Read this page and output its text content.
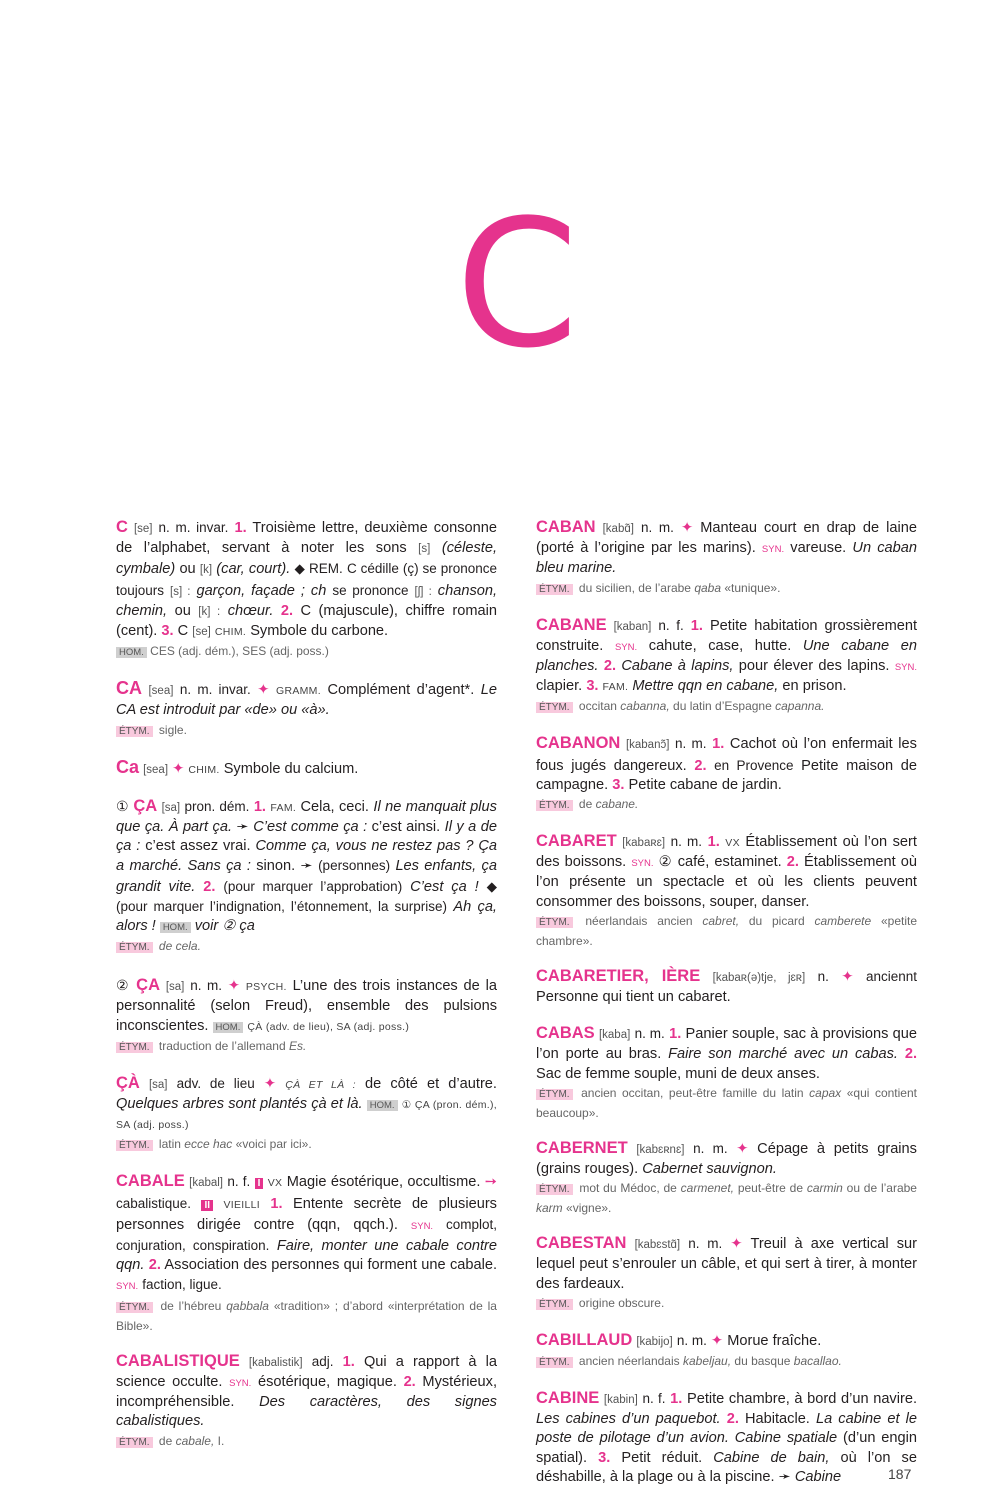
C
C [se] n. m. invar. 1. Troisième lettre, deuxième consonne de l’alphabet, servant à noter les sons [s] (céleste, cymbale) ou [k] (car, court). ◆ REM. C cédille (ç) se prononce toujours [s] : garçon, façade ; ch se prononce [ʃ] : chanson, chemin, ou [k] : chœur. 2. C (majuscule), chiffre romain (cent). 3. C [se] CHIM. Symbole du carbone.
HOM. CES (adj. dém.), SES (adj. poss.)
CA [sea] n. m. invar. ✦ GRAMM. Complément d’agent*. Le CA est introduit par «de» ou «à».
ÉTYM. sigle.
Ca [sea] ✦ CHIM. Symbole du calcium.
① ÇA [sa] pron. dém. 1. FAM. Cela, ceci. Il ne manquait plus que ça. À part ça. ➛ C’est comme ça : c’est ainsi. Il y a de ça : c’est assez vrai. Comme ça, vous ne restez pas ? Ça a marché. Sans ça : sinon. ➛ (personnes) Les enfants, ça grandit vite. 2. (pour marquer l’approbation) C’est ça ! ◆ (pour marquer l’indignation, l’étonnement, la surprise) Ah ça, alors ! HOM. voir ② ça
ÉTYM. de cela.
② ÇA [sa] n. m. ✦ PSYCH. L’une des trois instances de la personnalité (selon Freud), ensemble des pulsions inconscientes. HOM. ÇÀ (adv. de lieu), SA (adj. poss.)
ÉTYM. traduction de l’allemand Es.
ÇÀ [sa] adv. de lieu ✦ ÇÀ ET LÀ : de côté et d’autre. Quelques arbres sont plantés çà et là. HOM. ① ÇA (pron. dém.), SA (adj. poss.)
ÉTYM. latin ecce hac «voici par ici».
CABALE [kabal] n. f. I VX Magie ésotérique, occultisme. ➙ cabalistique. II VIEILLI 1. Entente secrète de plusieurs personnes dirigée contre (qqn, qqch.). SYN. complot, conjuration, conspiration. Faire, monter une cabale contre qqn. 2. Association des personnes qui forment une cabale. SYN. faction, ligue.
ÉTYM. de l’hébreu qabbala «tradition» ; d’abord «interprétation de la Bible».
CABALISTIQUE [kabalistik] adj. 1. Qui a rapport à la science occulte. SYN. ésotérique, magique. 2. Mystérieux, incompréhensible. Des caractères, des signes cabalistiques.
ÉTYM. de cabale, I.
CABAN [kabɑ̃] n. m. ✦ Manteau court en drap de laine (porté à l’origine par les marins). SYN. vareuse. Un caban bleu marine.
ÉTYM. du sicilien, de l’arabe qaba «tunique».
CABANE [kaban] n. f. 1. Petite habitation grossièrement construite. SYN. cahute, case, hutte. Une cabane en planches. 2. Cabane à lapins, pour élever des lapins. SYN. clapier. 3. FAM. Mettre qqn en cabane, en prison.
ÉTYM. occitan cabanna, du latin d’Espagne capanna.
CABANON [kabanɔ̃] n. m. 1. Cachot où l’on enfermait les fous jugés dangereux. 2. en Provence Petite maison de campagne. 3. Petite cabane de jardin.
ÉTYM. de cabane.
CABARET [kabaʀɛ] n. m. 1. VX Établissement où l’on sert des boissons. SYN. ② café, estaminet. 2. Établissement où l’on présente un spectacle et où les clients peuvent consommer des boissons, souper, danser.
ÉTYM. néerlandais ancien cabret, du picard camberete «petite chambre».
CABARETIER, IÈRE [kabaʀ(ə)tje, jɛʀ] n. ✦ anciennt Personne qui tient un cabaret.
CABAS [kaba] n. m. 1. Panier souple, sac à provisions que l’on porte au bras. Faire son marché avec un cabas. 2. Sac de femme souple, muni de deux anses.
ÉTYM. ancien occitan, peut-être famille du latin capax «qui contient beaucoup».
CABERNET [kabɛʀnɛ] n. m. ✦ Cépage à petits grains (grains rouges). Cabernet sauvignon.
ÉTYM. mot du Médoc, de carmenet, peut-être de carmin ou de l’arabe karm «vigne».
CABESTAN [kabɛstɑ̃] n. m. ✦ Treuil à axe vertical sur lequel peut s’enrouler un câble, et qui sert à tirer, à monter des fardeaux.
ÉTYM. origine obscure.
CABILLAUD [kabijo] n. m. ✦ Morue fraîche.
ÉTYM. ancien néerlandais kabeljau, du basque bacallao.
CABINE [kabin] n. f. 1. Petite chambre, à bord d’un navire. Les cabines d’un paquebot. 2. Habitacle. La cabine et le poste de pilotage d’un avion. Cabine spatiale (d’un engin spatial). 3. Petit réduit. Cabine de bain, où l’on se déshabille, à la plage ou à la piscine. ➛ Cabine	187
